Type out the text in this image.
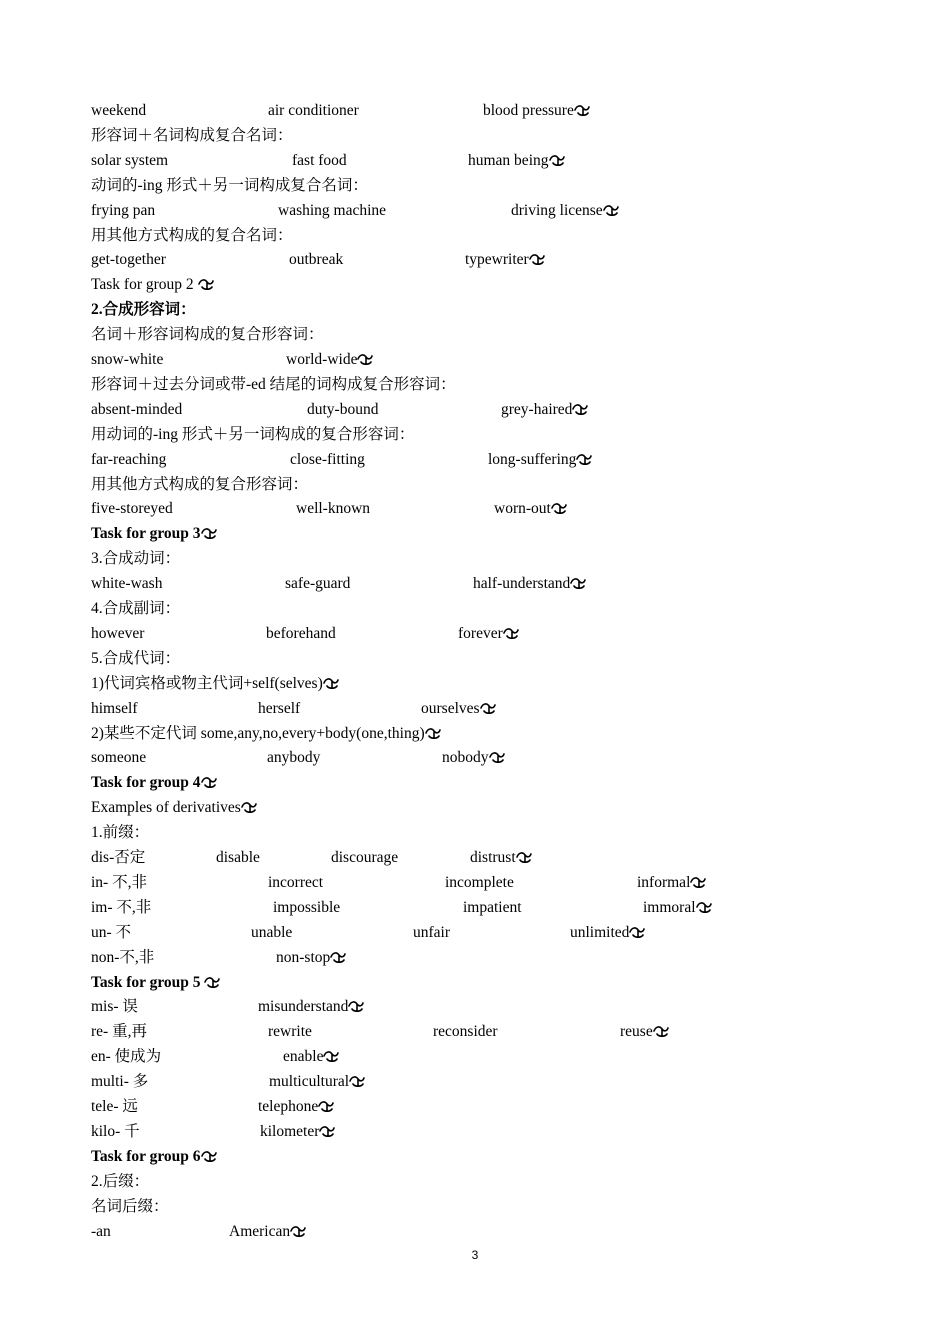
weekend	air conditioner	blood pressure
形容词＋名词构成复合名词：
solar system	fast food	human being
动词的-ing 形式＋另一词构成复合名词：
frying pan	washing machine	driving license
用其他方式构成的复合名词：
get-together	outbreak	typewriter
Task for group 2
2.合成形容词：
名词＋形容词构成的复合形容词：
snow-white	world-wide
形容词＋过去分词或带-ed 结尾的词构成复合形容词：
absent-minded	duty-bound	grey-haired
用动词的-ing 形式＋另一词构成的复合形容词：
far-reaching	close-fitting	long-suffering
用其他方式构成的复合形容词：
five-storeyed	well-known	worn-out
Task for group 3
3.合成动词：
white-wash	safe-guard	half-understand
4.合成副词：
however	beforehand	forever
5.合成代词：
1)代词宾格或物主代词+self(selves)
himself	herself	ourselves
2)某些不定代词 some,any,no,every+body(one,thing)
someone	anybody	nobody
Task for group 4
Examples of derivatives
1.前缀：
dis-否定	disable	discourage	distrust
in- 不,非	incorrect	incomplete	informal
im- 不,非	impossible	impatient	immoral
un- 不	unable	unfair	unlimited
non-不,非	non-stop
Task for group 5
mis- 误	misunderstand
re- 重,再	rewrite	reconsider	reuse
en- 使成为	enable
multi- 多	multicultural
tele- 远	telephone
kilo- 千	kilometer
Task for group 6
2.后缀：
名词后缀：
-an	American
3
